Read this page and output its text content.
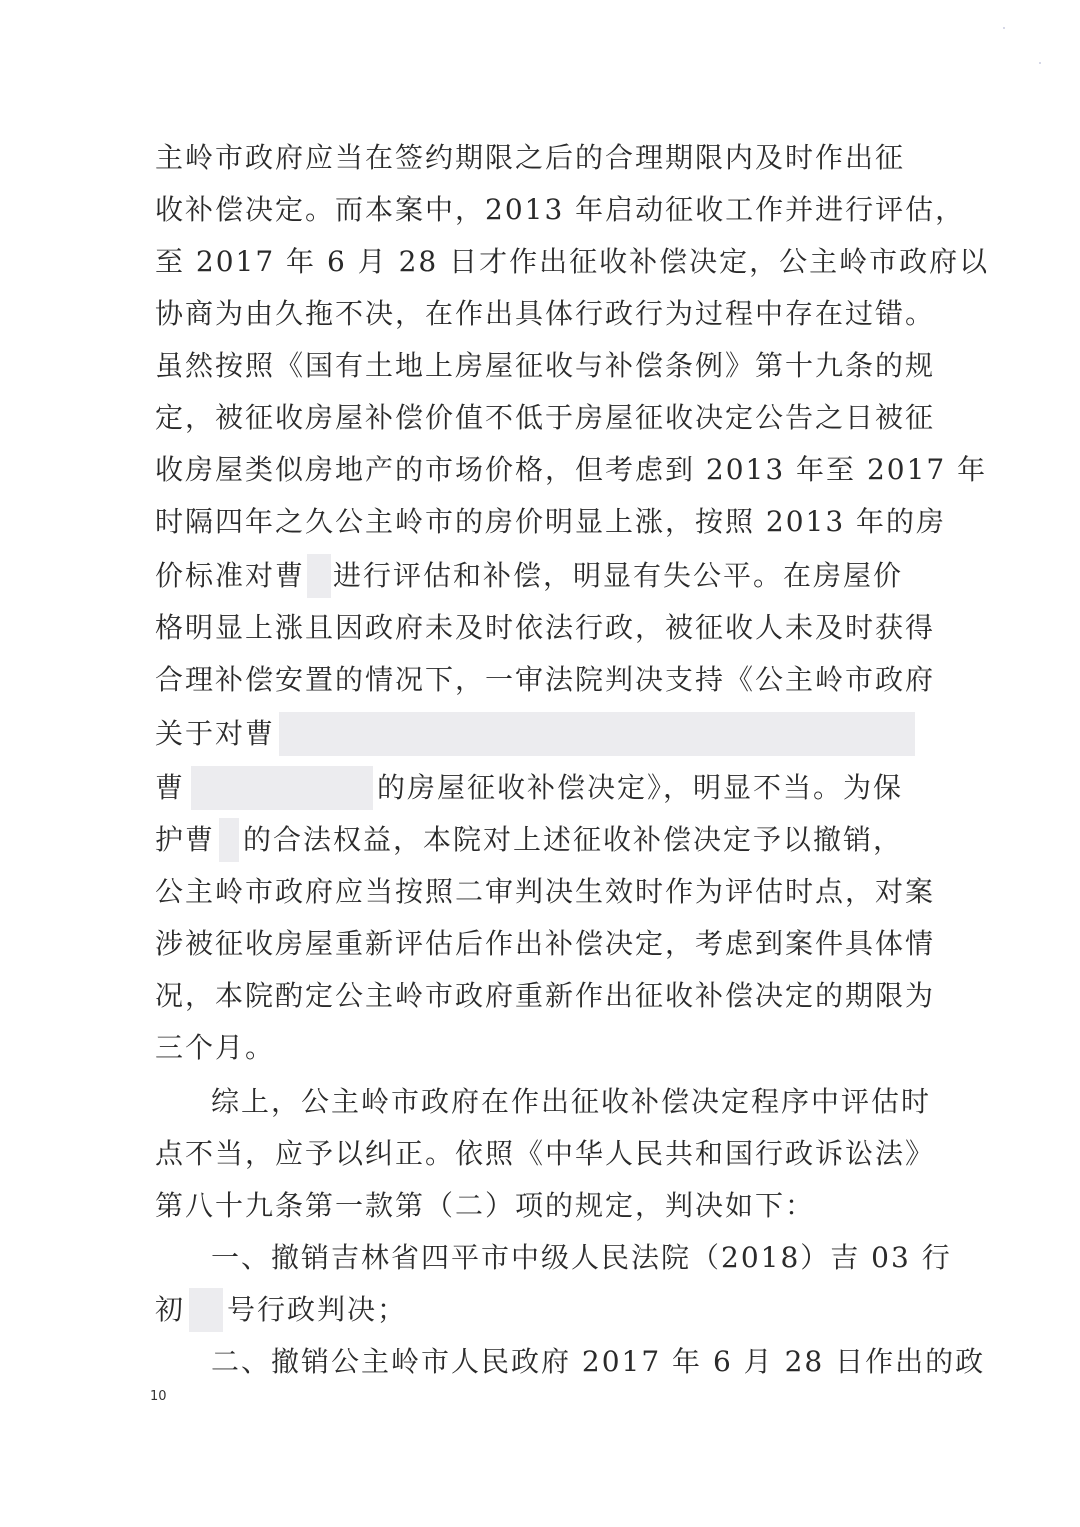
主岭市政府应当在签约期限之后的合理期限内及时作出征
收补偿决定。而本案中，2013 年启动征收工作并进行评估，
至 2017 年 6 月 28 日才作出征收补偿决定，公主岭市政府以
协商为由久拖不决，在作出具体行政行为过程中存在过错。
虽然按照《国有土地上房屋征收与补偿条例》第十九条的规
定，被征收房屋补偿价值不低于房屋征收决定公告之日被征
收房屋类似房地产的市场价格，但考虑到 2013 年至 2017 年
时隔四年之久公主岭市的房价明显上涨，按照 2013 年的房
价标准对曹 进行评估和补偿，明显有失公平。在房屋价
格明显上涨且因政府未及时依法行政，被征收人未及时获得
合理补偿安置的情况下，一审法院判决支持《公主岭市政府
关于对曹
曹	的房屋征收补偿决定》，明显不当。为保
护曹 的合法权益，本院对上述征收补偿决定予以撤销，
公主岭市政府应当按照二审判决生效时作为评估时点，对案
涉被征收房屋重新评估后作出补偿决定，考虑到案件具体情
况，本院酌定公主岭市政府重新作出征收补偿决定的期限为
三个月。
综上，公主岭市政府在作出征收补偿决定程序中评估时
点不当，应予以纠正。依照《中华人民共和国行政诉讼法》
第八十九条第一款第（二）项的规定，判决如下：
一、撤销吉林省四平市中级人民法院（2018）吉 03 行
初 号行政判决；
二、撤销公主岭市人民政府 2017 年 6 月 28 日作出的政
10
